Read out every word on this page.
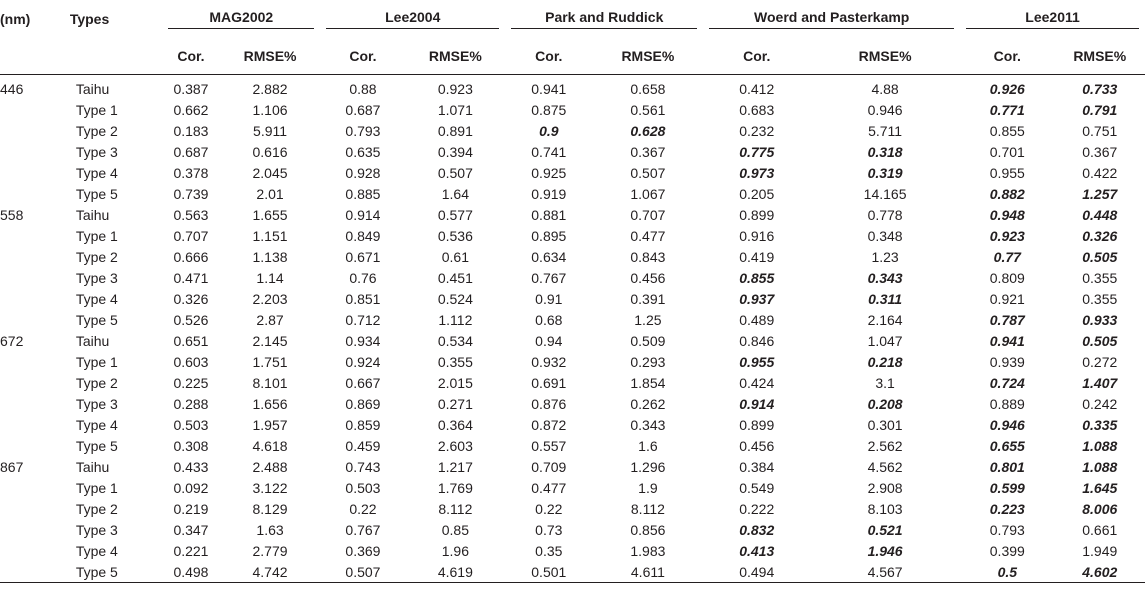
(nm)	Types	MAG2002		Lee2004		Park and Ruddick		Woerd and Pasterkamp		Lee2011	

		Cor.	RMSE%	Cor.	RMSE%	Cor.	RMSE%	Cor.	RMSE%	Cor.	RMSE%
446	Taihu	0.387	2.882	0.88	0.923	0.941	0.658	0.412	4.88	0.926	0.733
	Type 1	0.662	1.106	0.687	1.071	0.875	0.561	0.683	0.946	0.771	0.791
	Type 2	0.183	5.911	0.793	0.891	0.9	0.628	0.232	5.711	0.855	0.751
	Type 3	0.687	0.616	0.635	0.394	0.741	0.367	0.775	0.318	0.701	0.367
	Type 4	0.378	2.045	0.928	0.507	0.925	0.507	0.973	0.319	0.955	0.422
	Type 5	0.739	2.01	0.885	1.64	0.919	1.067	0.205	14.165	0.882	1.257
558	Taihu	0.563	1.655	0.914	0.577	0.881	0.707	0.899	0.778	0.948	0.448
	Type 1	0.707	1.151	0.849	0.536	0.895	0.477	0.916	0.348	0.923	0.326
	Type 2	0.666	1.138	0.671	0.61	0.634	0.843	0.419	1.23	0.77	0.505
	Type 3	0.471	1.14	0.76	0.451	0.767	0.456	0.855	0.343	0.809	0.355
	Type 4	0.326	2.203	0.851	0.524	0.91	0.391	0.937	0.311	0.921	0.355
	Type 5	0.526	2.87	0.712	1.112	0.68	1.25	0.489	2.164	0.787	0.933
672	Taihu	0.651	2.145	0.934	0.534	0.94	0.509	0.846	1.047	0.941	0.505
	Type 1	0.603	1.751	0.924	0.355	0.932	0.293	0.955	0.218	0.939	0.272
	Type 2	0.225	8.101	0.667	2.015	0.691	1.854	0.424	3.1	0.724	1.407
	Type 3	0.288	1.656	0.869	0.271	0.876	0.262	0.914	0.208	0.889	0.242
	Type 4	0.503	1.957	0.859	0.364	0.872	0.343	0.899	0.301	0.946	0.335
	Type 5	0.308	4.618	0.459	2.603	0.557	1.6	0.456	2.562	0.655	1.088
867	Taihu	0.433	2.488	0.743	1.217	0.709	1.296	0.384	4.562	0.801	1.088
	Type 1	0.092	3.122	0.503	1.769	0.477	1.9	0.549	2.908	0.599	1.645
	Type 2	0.219	8.129	0.22	8.112	0.22	8.112	0.222	8.103	0.223	8.006
	Type 3	0.347	1.63	0.767	0.85	0.73	0.856	0.832	0.521	0.793	0.661
	Type 4	0.221	2.779	0.369	1.96	0.35	1.983	0.413	1.946	0.399	1.949
	Type 5	0.498	4.742	0.507	4.619	0.501	4.611	0.494	4.567	0.5	4.602
